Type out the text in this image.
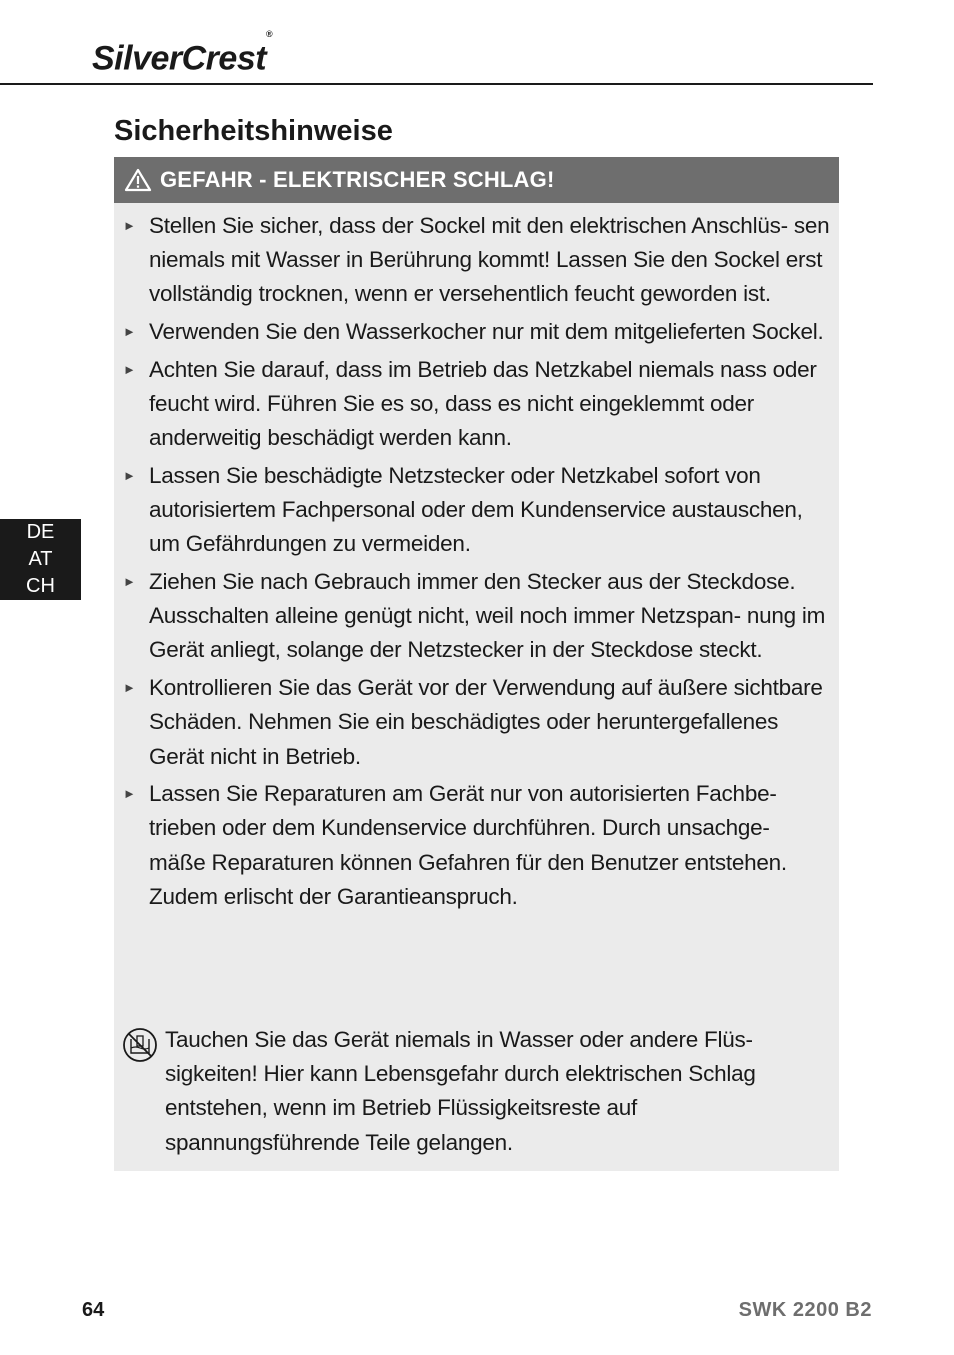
SilverCrest®
Sicherheitshinweise
GEFAHR - ELEKTRISCHER SCHLAG!
► Stellen Sie sicher, dass der Sockel mit den elektrischen Anschlüs- sen niemals mit Wasser in Berührung kommt! Lassen Sie den Sockel erst vollständig trocknen, wenn er versehentlich feucht geworden ist.
► Verwenden Sie den Wasserkocher nur mit dem mitgelieferten Sockel.
► Achten Sie darauf, dass im Betrieb das Netzkabel niemals nass oder feucht wird. Führen Sie es so, dass es nicht eingeklemmt oder anderweitig beschädigt werden kann.
► Lassen Sie beschädigte Netzstecker oder Netzkabel sofort von autorisiertem Fachpersonal oder dem Kundenservice austauschen, um Gefährdungen zu vermeiden.
► Ziehen Sie nach Gebrauch immer den Stecker aus der Steckdose. Ausschalten alleine genügt nicht, weil noch immer Netzspan- nung im Gerät anliegt, solange der Netzstecker in der Steckdose steckt.
► Kontrollieren Sie das Gerät vor der Verwendung auf äußere sichtbare Schäden. Nehmen Sie ein beschädigtes oder heruntergefallenes Gerät nicht in Betrieb.
► Lassen Sie Reparaturen am Gerät nur von autorisierten Fachbe- trieben oder dem Kundenservice durchführen. Durch unsachge- mäße Reparaturen können Gefahren für den Benutzer entstehen. Zudem erlischt der Garantieanspruch.
Tauchen Sie das Gerät niemals in Wasser oder andere Flüs- sigkeiten! Hier kann Lebensgefahr durch elektrischen Schlag entstehen, wenn im Betrieb Flüssigkeitsreste auf spannungsführende Teile gelangen.
DE
AT
CH
64	SWK 2200 B2
